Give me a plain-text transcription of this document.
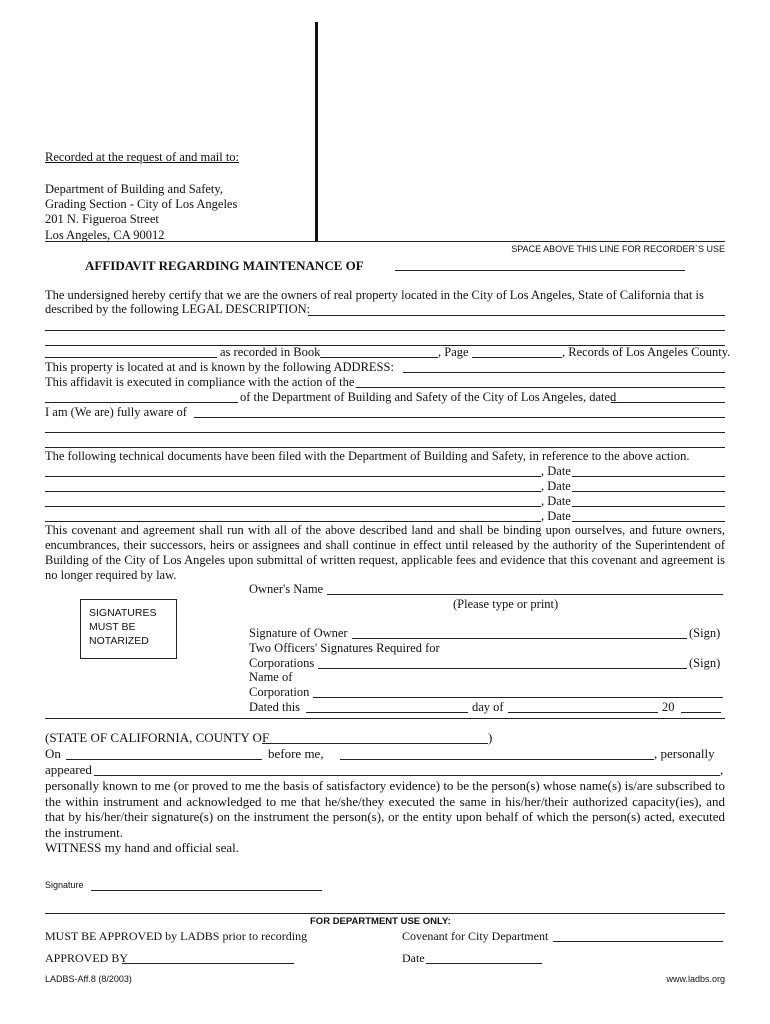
Recorded at the request of and mail to:
Department of Building and Safety,
Grading Section - City of Los Angeles
201 N. Figueroa Street
Los Angeles, CA 90012
SPACE ABOVE THIS LINE FOR RECORDER`S USE
AFFIDAVIT REGARDING MAINTENANCE OF
The undersigned hereby certify that we are the owners of real property located in the City of Los Angeles, State of California that is
described by the following LEGAL DESCRIPTION:
as recorded in Book	, Page	, Records of Los Angeles County.
This property is located at and is known by the following ADDRESS:
This affidavit is executed in compliance with the action of the
of the Department of Building and Safety of the City of Los Angeles, dated
I am (We are) fully aware of
The following technical documents have been filed with the Department of Building and Safety, in reference to the above action.
, Date
, Date
, Date
, Date
This covenant and agreement shall run with all of the above described land and shall be binding upon ourselves, and future owners, encumbrances, their successors, heirs or assignees and shall continue in effect until released by the authority of the Superintendent of Building of the City of Los Angeles upon submittal of written request, applicable fees and evidence that this covenant and agreement is no longer required by law.
Owner's Name
(Please type or print)
SIGNATURES
MUST BE
NOTARIZED
Signature of Owner	(Sign)
Two Officers' Signatures Required for
Corporations	(Sign)
Name of
Corporation
Dated this	day of	20
(STATE OF CALIFORNIA, COUNTY OF	)
On	before me,	, personally
appeared	,
personally known to me (or proved to me the basis of satisfactory evidence) to be the person(s) whose name(s) is/are subscribed to the within instrument and acknowledged to me that he/she/they executed the same in his/her/their authorized capacity(ies), and that by his/her/their signature(s) on the instrument the person(s), or the entity upon behalf of which the person(s) acted, executed the instrument.
WITNESS my hand and official seal.
Signature
FOR DEPARTMENT USE ONLY:
MUST BE APPROVED by LADBS prior to recording	Covenant for City Department
APPROVED BY	Date
LADBS-Aff.8 (8/2003)	www.ladbs.org
